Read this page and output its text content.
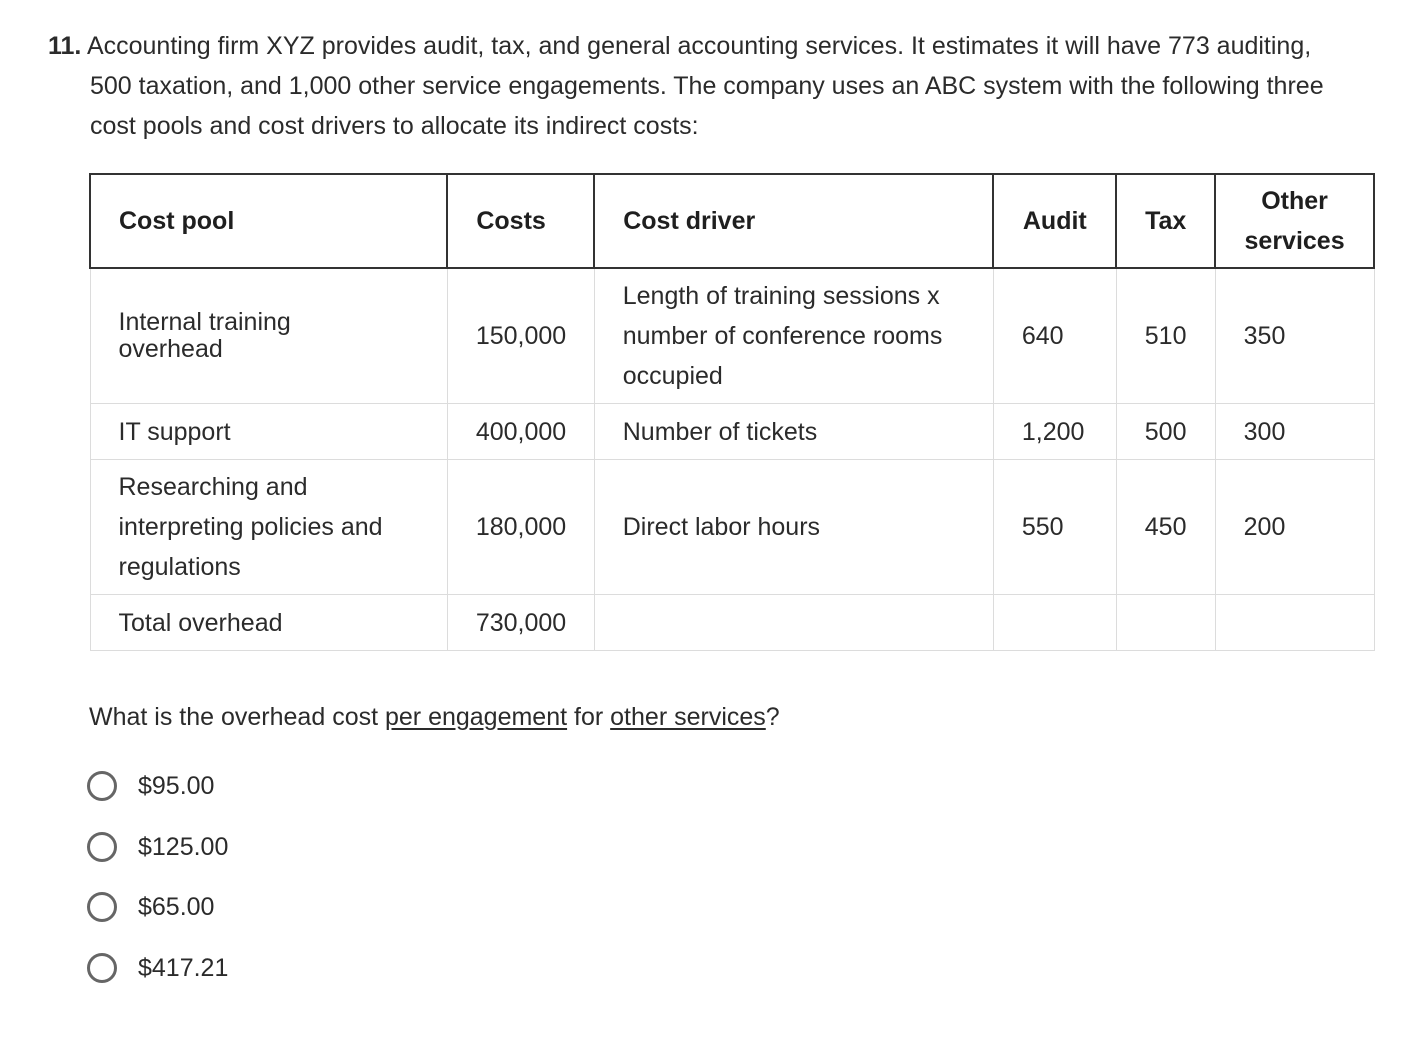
11. Accounting firm XYZ provides audit, tax, and general accounting services. It estimates it will have 773 auditing,
500 taxation, and 1,000 other service engagements. The company uses an ABC system with the following three
cost pools and cost drivers to allocate its indirect costs:
Cost pool	Costs	Cost driver	Audit	Tax	Other
services

Internal training
overhead	150,000	Length of training sessions x
number of conference rooms
occupied	640	510	350
IT support	400,000	Number of tickets	1,200	500	300
Researching and
interpreting policies and
regulations	180,000	Direct labor hours	550	450	200
Total overhead	730,000				
What is the overhead cost per engagement for other services?
$95.00
$125.00
$65.00
$417.21
